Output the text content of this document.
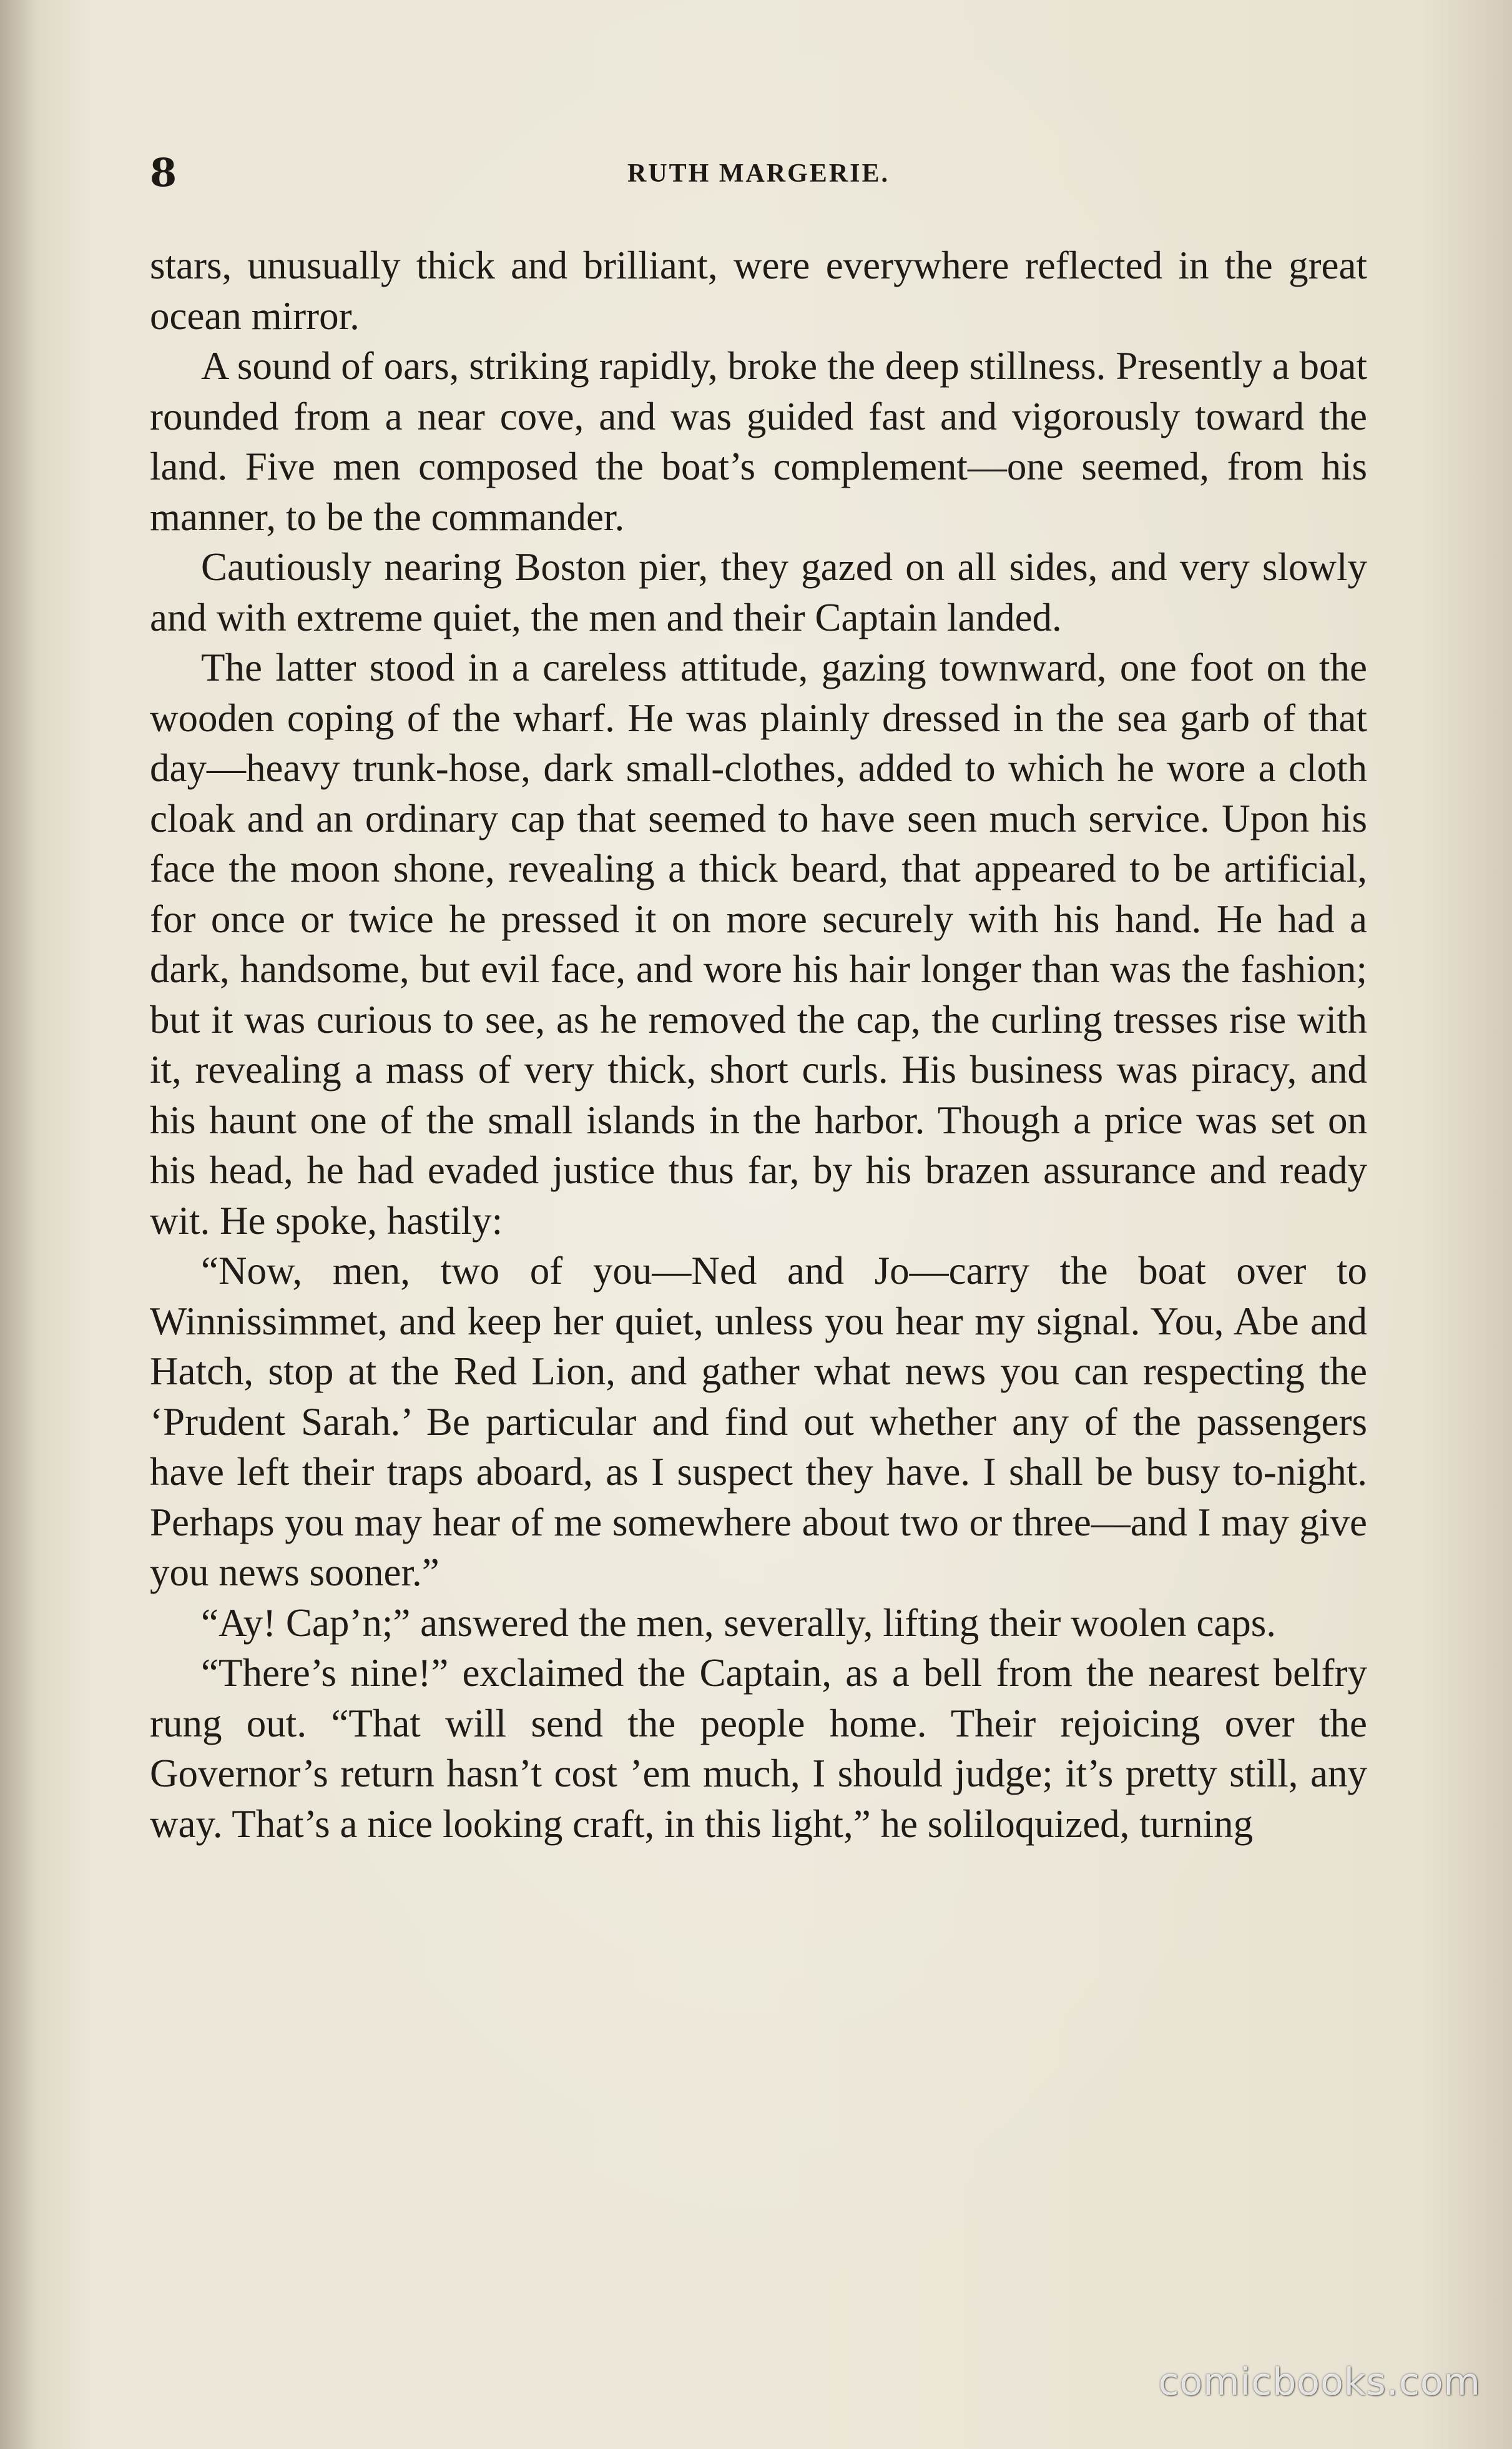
8	RUTH MARGERIE.

stars, unusually thick and brilliant, were everywhere reflected in the great ocean mirror.

A sound of oars, striking rapidly, broke the deep stillness. Presently a boat rounded from a near cove, and was guided fast and vigorously toward the land. Five men composed the boat’s complement—one seemed, from his manner, to be the commander.

Cautiously nearing Boston pier, they gazed on all sides, and very slowly and with extreme quiet, the men and their Captain landed.

The latter stood in a careless attitude, gazing townward, one foot on the wooden coping of the wharf. He was plainly dressed in the sea garb of that day—heavy trunk-hose, dark small-clothes, added to which he wore a cloth cloak and an ordinary cap that seemed to have seen much service. Upon his face the moon shone, revealing a thick beard, that appeared to be artificial, for once or twice he pressed it on more securely with his hand. He had a dark, handsome, but evil face, and wore his hair longer than was the fashion; but it was curious to see, as he removed the cap, the curling tresses rise with it, revealing a mass of very thick, short curls. His business was piracy, and his haunt one of the small islands in the harbor. Though a price was set on his head, he had evaded justice thus far, by his brazen assurance and ready wit. He spoke, hastily:

“Now, men, two of you—Ned and Jo—carry the boat over to Winnissimmet, and keep her quiet, unless you hear my signal. You, Abe and Hatch, stop at the Red Lion, and gather what news you can respecting the ‘Prudent Sarah.’ Be particular and find out whether any of the passengers have left their traps aboard, as I suspect they have. I shall be busy to-night. Perhaps you may hear of me somewhere about two or three—and I may give you news sooner.”

“Ay! Cap’n;” answered the men, severally, lifting their woolen caps.

“There’s nine!” exclaimed the Captain, as a bell from the nearest belfry rung out. “That will send the people home. Their rejoicing over the Governor’s return hasn’t cost ’em much, I should judge; it’s pretty still, any way. That’s a nice looking craft, in this light,” he soliloquized, turning

comicbooks.com
